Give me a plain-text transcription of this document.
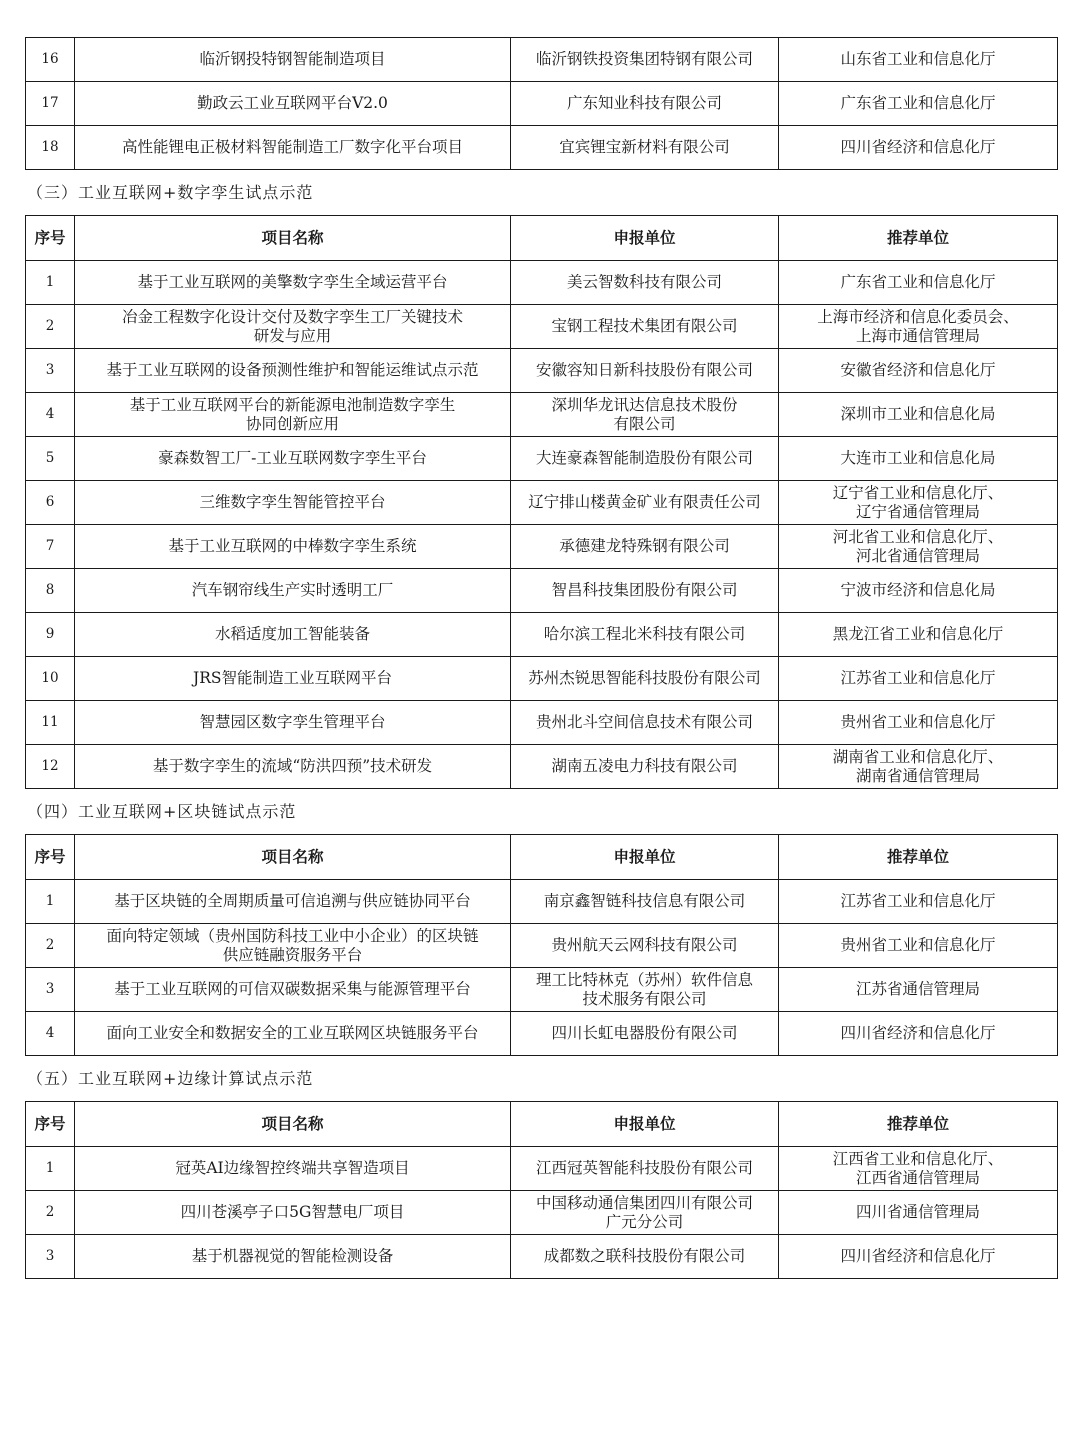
16	临沂钢投特钢智能制造项目	临沂钢铁投资集团特钢有限公司	山东省工业和信息化厅
17	勤政云工业互联网平台V2.0	广东知业科技有限公司	广东省工业和信息化厅
18	高性能锂电正极材料智能制造工厂数字化平台项目	宜宾锂宝新材料有限公司	四川省经济和信息化厅
（三）工业互联网+数字孪生试点示范
序号	项目名称	申报单位	推荐单位
1	基于工业互联网的美擎数字孪生全域运营平台	美云智数科技有限公司	广东省工业和信息化厅
2	冶金工程数字化设计交付及数字孪生工厂关键技术
研发与应用	宝钢工程技术集团有限公司	上海市经济和信息化委员会、
上海市通信管理局
3	基于工业互联网的设备预测性维护和智能运维试点示范	安徽容知日新科技股份有限公司	安徽省经济和信息化厅
4	基于工业互联网平台的新能源电池制造数字孪生
协同创新应用	深圳华龙讯达信息技术股份
有限公司	深圳市工业和信息化局
5	豪森数智工厂-工业互联网数字孪生平台	大连豪森智能制造股份有限公司	大连市工业和信息化局
6	三维数字孪生智能管控平台	辽宁排山楼黄金矿业有限责任公司	辽宁省工业和信息化厅、
辽宁省通信管理局
7	基于工业互联网的中棒数字孪生系统	承德建龙特殊钢有限公司	河北省工业和信息化厅、
河北省通信管理局
8	汽车钢帘线生产实时透明工厂	智昌科技集团股份有限公司	宁波市经济和信息化局
9	水稻适度加工智能装备	哈尔滨工程北米科技有限公司	黑龙江省工业和信息化厅
10	JRS智能制造工业互联网平台	苏州杰锐思智能科技股份有限公司	江苏省工业和信息化厅
11	智慧园区数字孪生管理平台	贵州北斗空间信息技术有限公司	贵州省工业和信息化厅
12	基于数字孪生的流域“防洪四预”技术研发	湖南五凌电力科技有限公司	湖南省工业和信息化厅、
湖南省通信管理局
（四）工业互联网+区块链试点示范
序号	项目名称	申报单位	推荐单位
1	基于区块链的全周期质量可信追溯与供应链协同平台	南京鑫智链科技信息有限公司	江苏省工业和信息化厅
2	面向特定领域（贵州国防科技工业中小企业）的区块链
供应链融资服务平台	贵州航天云网科技有限公司	贵州省工业和信息化厅
3	基于工业互联网的可信双碳数据采集与能源管理平台	理工比特林克（苏州）软件信息
技术服务有限公司	江苏省通信管理局
4	面向工业安全和数据安全的工业互联网区块链服务平台	四川长虹电器股份有限公司	四川省经济和信息化厅
（五）工业互联网+边缘计算试点示范
序号	项目名称	申报单位	推荐单位
1	冠英AI边缘智控终端共享智造项目	江西冠英智能科技股份有限公司	江西省工业和信息化厅、
江西省通信管理局
2	四川苍溪亭子口5G智慧电厂项目	中国移动通信集团四川有限公司
广元分公司	四川省通信管理局
3	基于机器视觉的智能检测设备	成都数之联科技股份有限公司	四川省经济和信息化厅
